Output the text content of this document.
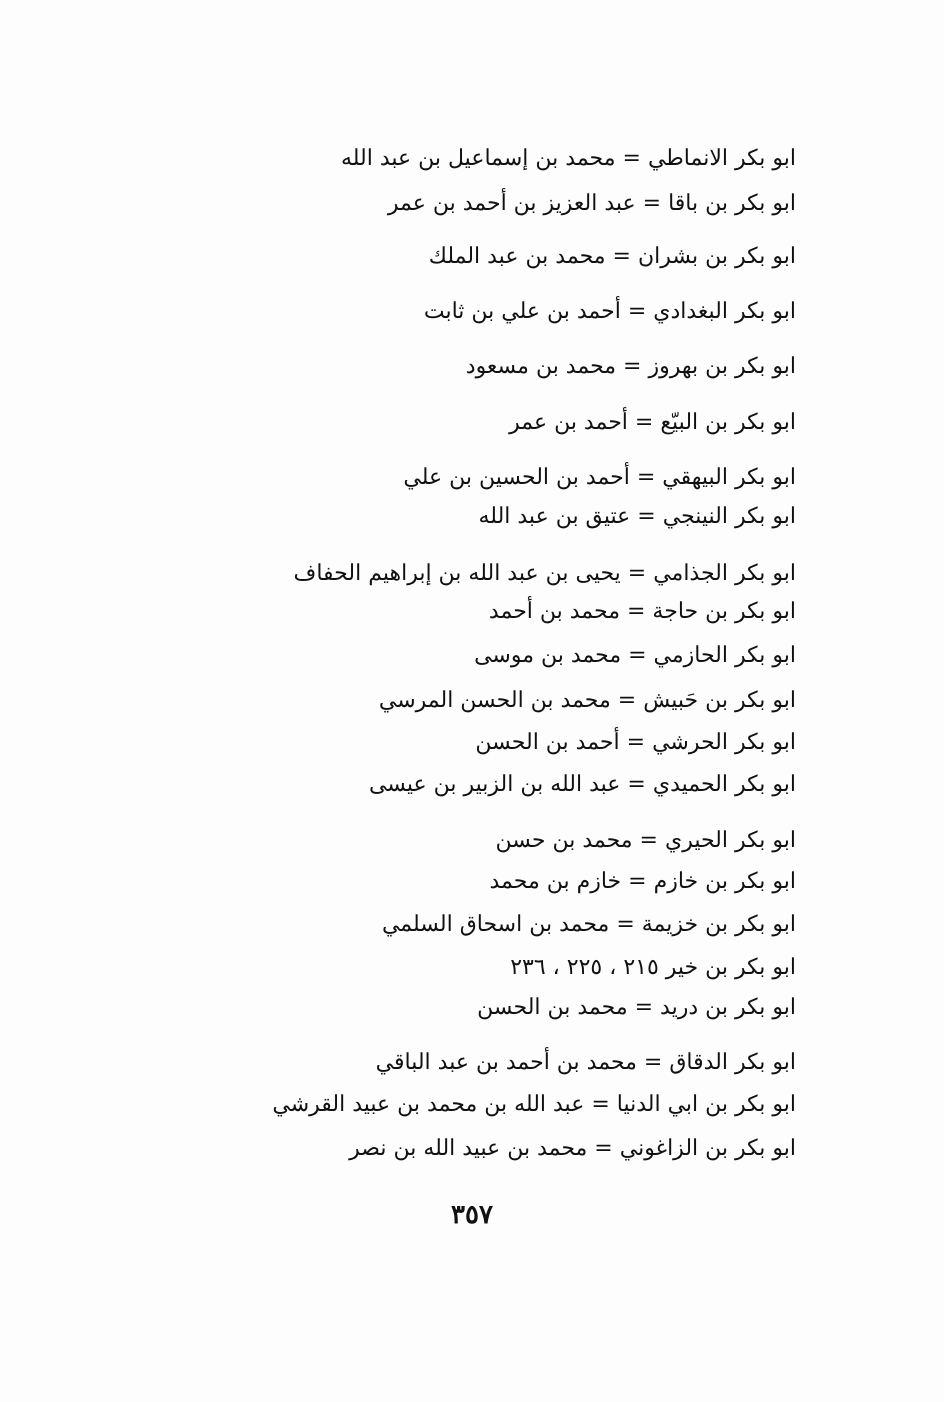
ابو بكر الانماطي = محمد بن إسماعيل بن عبد الله
ابو بكر بن باقا = عبد العزيز بن أحمد بن عمر
ابو بكر بن بشران = محمد بن عبد الملك
ابو بكر البغدادي = أحمد بن علي بن ثابت
ابو بكر بن بهروز = محمد بن مسعود
ابو بكر بن البيّع = أحمد بن عمر
ابو بكر البيهقي = أحمد بن الحسين بن علي
ابو بكر النينجي = عتيق بن عبد الله
ابو بكر الجذامي = يحيى بن عبد الله بن إبراهيم الحفاف
ابو بكر بن حاجة = محمد بن أحمد
ابو بكر الحازمي = محمد بن موسى
ابو بكر بن حَبيش = محمد بن الحسن المرسي
ابو بكر الحرشي = أحمد بن الحسن
ابو بكر الحميدي = عبد الله بن الزبير بن عيسى
ابو بكر الحيري = محمد بن حسن
ابو بكر بن خازم = خازم بن محمد
ابو بكر بن خزيمة = محمد بن اسحاق السلمي
ابو بكر بن خير ٢١٥ ، ٢٢٥ ، ٢٣٦
ابو بكر بن دريد = محمد بن الحسن
ابو بكر الدقاق = محمد بن أحمد بن عبد الباقي
ابو بكر بن ابي الدنيا = عبد الله بن محمد بن عبيد القرشي
ابو بكر بن الزاغوني = محمد بن عبيد الله بن نصر
٣٥٧
